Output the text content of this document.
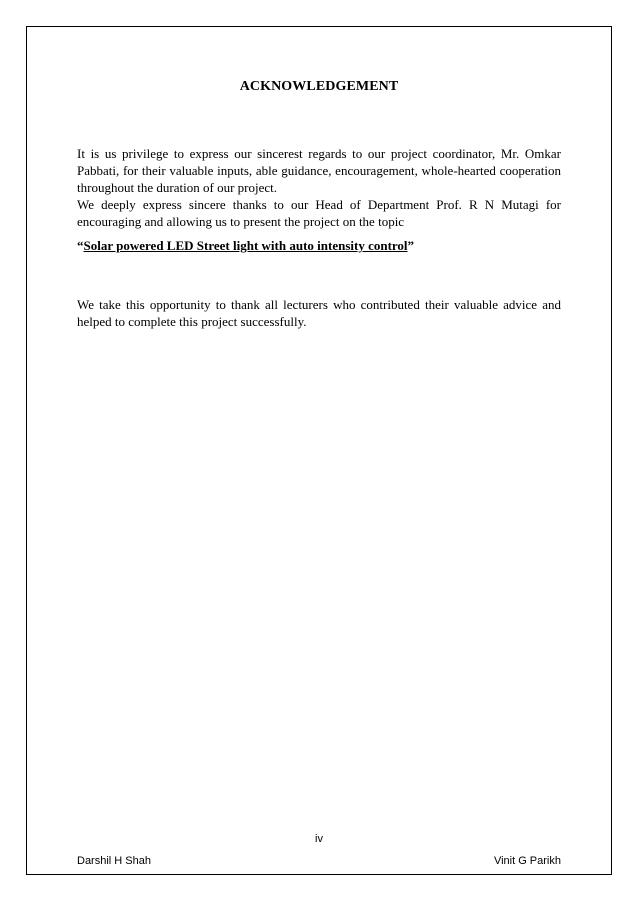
ACKNOWLEDGEMENT

It is us privilege to express our sincerest regards to our project coordinator, Mr. Omkar Pabbati, for their valuable inputs, able guidance, encouragement, whole-hearted cooperation throughout the duration of our project.

We deeply express sincere thanks to our Head of Department Prof. R N Mutagi for encouraging and allowing us to present the project on the topic

“Solar powered LED Street light with auto intensity control”

We take this opportunity to thank all lecturers who contributed their valuable advice and helped to complete this project successfully.

iv
Darshil H Shah	Vinit G Parikh
